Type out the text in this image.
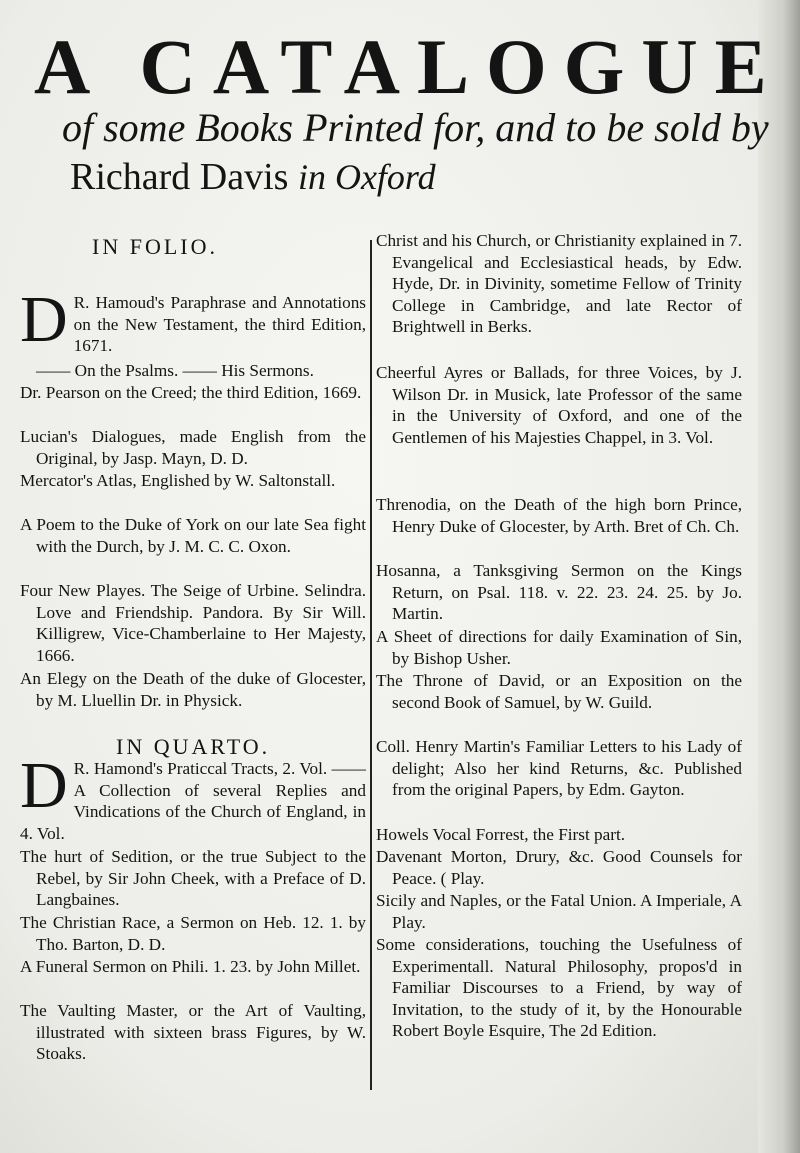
A CATALOGUE
of some Books Printed for, and to be sold by
Richard Davis in Oxford
IN FOLIO.
D R. Hamoud's Paraphrase and Annotations on the New Testament, the third Edition, 1671.
—— On the Psalms. —— His Sermons.
Dr. Pearson on the Creed; the third Edition, 1669.
Lucian's Dialogues, made English from the Original, by Jasp. Mayn, D. D.
Mercator's Atlas, Englished by W. Saltonstall.
A Poem to the Duke of York on our late Sea fight with the Durch, by J. M. C. C. Oxon.
Four New Playes. The Seige of Urbine. Selindra. Love and Friendship. Pandora. By Sir Will. Killigrew, Vice-Chamberlaine to Her Majesty, 1666.
An Elegy on the Death of the duke of Glocester, by M. Lluellin Dr. in Physick.
IN QUARTO.
D R. Hamond's Praticcal Tracts, 2. Vol. —— A Collection of several Replies and Vindications of the Church of England, in 4. Vol.
The hurt of Sedition, or the true Subject to the Rebel, by Sir John Cheek, with a Preface of D. Langbaines.
The Christian Race, a Sermon on Heb. 12. 1. by Tho. Barton, D. D.
A Funeral Sermon on Phili. 1. 23. by John Millet.
The Vaulting Master, or the Art of Vaulting, illustrated with sixteen brass Figures, by W. Stoaks.
Christ and his Church, or Christianity explained in 7. Evangelical and Ecclesiastical heads, by Edw. Hyde, Dr. in Divinity, sometime Fellow of Trinity College in Cambridge, and late Rector of Brightwell in Berks.
Cheerful Ayres or Ballads, for three Voices, by J. Wilson Dr. in Musick, late Professor of the same in the University of Oxford, and one of the Gentlemen of his Majesties Chappel, in 3. Vol.
Threnodia, on the Death of the high born Prince, Henry Duke of Glocester, by Arth. Bret of Ch. Ch.
Hosanna, a Tanksgiving Sermon on the Kings Return, on Psal. 118. v. 22. 23. 24. 25. by Jo. Martin.
A Sheet of directions for daily Examination of Sin, by Bishop Usher.
The Throne of David, or an Exposition on the second Book of Samuel, by W. Guild.
Coll. Henry Martin's Familiar Letters to his Lady of delight; Also her kind Returns, &c. Published from the original Papers, by Edm. Gayton.
Howels Vocal Forrest, the First part.
Davenant Morton, Drury, &c. Good Counsels for Peace. ( Play.
Sicily and Naples, or the Fatal Union. A Imperiale, A Play.
Some considerations, touching the Usefulness of Experimentall. Natural Philosophy, propos'd in Familiar Discourses to a Friend, by way of Invitation, to the study of it, by the Honourable Robert Boyle Esquire, The 2d Edition.
